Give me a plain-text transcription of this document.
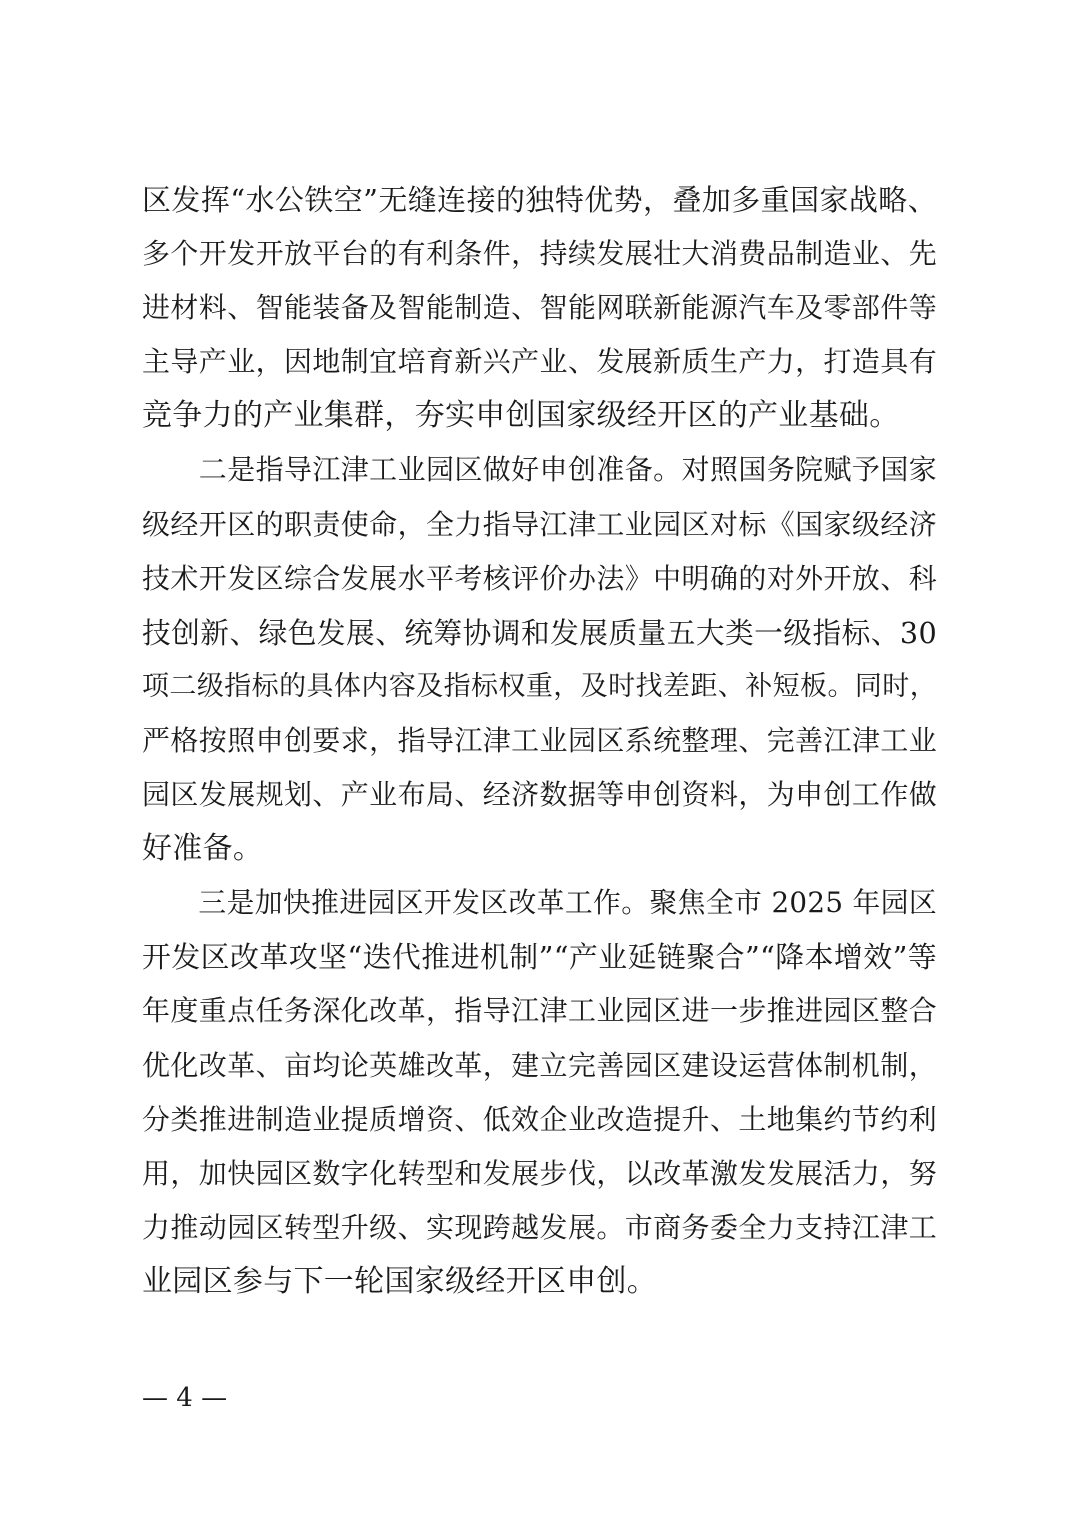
区发挥“水公铁空”无缝连接的独特优势，叠加多重国家战略、
多个开发开放平台的有利条件，持续发展壮大消费品制造业、先
进材料、智能装备及智能制造、智能网联新能源汽车及零部件等
主导产业，因地制宜培育新兴产业、发展新质生产力，打造具有
竞争力的产业集群，夯实申创国家级经开区的产业基础。
　　二是指导江津工业园区做好申创准备。对照国务院赋予国家
级经开区的职责使命，全力指导江津工业园区对标《国家级经济
技术开发区综合发展水平考核评价办法》中明确的对外开放、科
技创新、绿色发展、统筹协调和发展质量五大类一级指标、30
项二级指标的具体内容及指标权重，及时找差距、补短板。同时，
严格按照申创要求，指导江津工业园区系统整理、完善江津工业
园区发展规划、产业布局、经济数据等申创资料，为申创工作做
好准备。
　　三是加快推进园区开发区改革工作。聚焦全市 2025 年园区
开发区改革攻坚“迭代推进机制”“产业延链聚合”“降本增效”等
年度重点任务深化改革，指导江津工业园区进一步推进园区整合
优化改革、亩均论英雄改革，建立完善园区建设运营体制机制，
分类推进制造业提质增资、低效企业改造提升、土地集约节约利
用，加快园区数字化转型和发展步伐，以改革激发发展活力，努
力推动园区转型升级、实现跨越发展。市商务委全力支持江津工
业园区参与下一轮国家级经开区申创。
— 4 —
